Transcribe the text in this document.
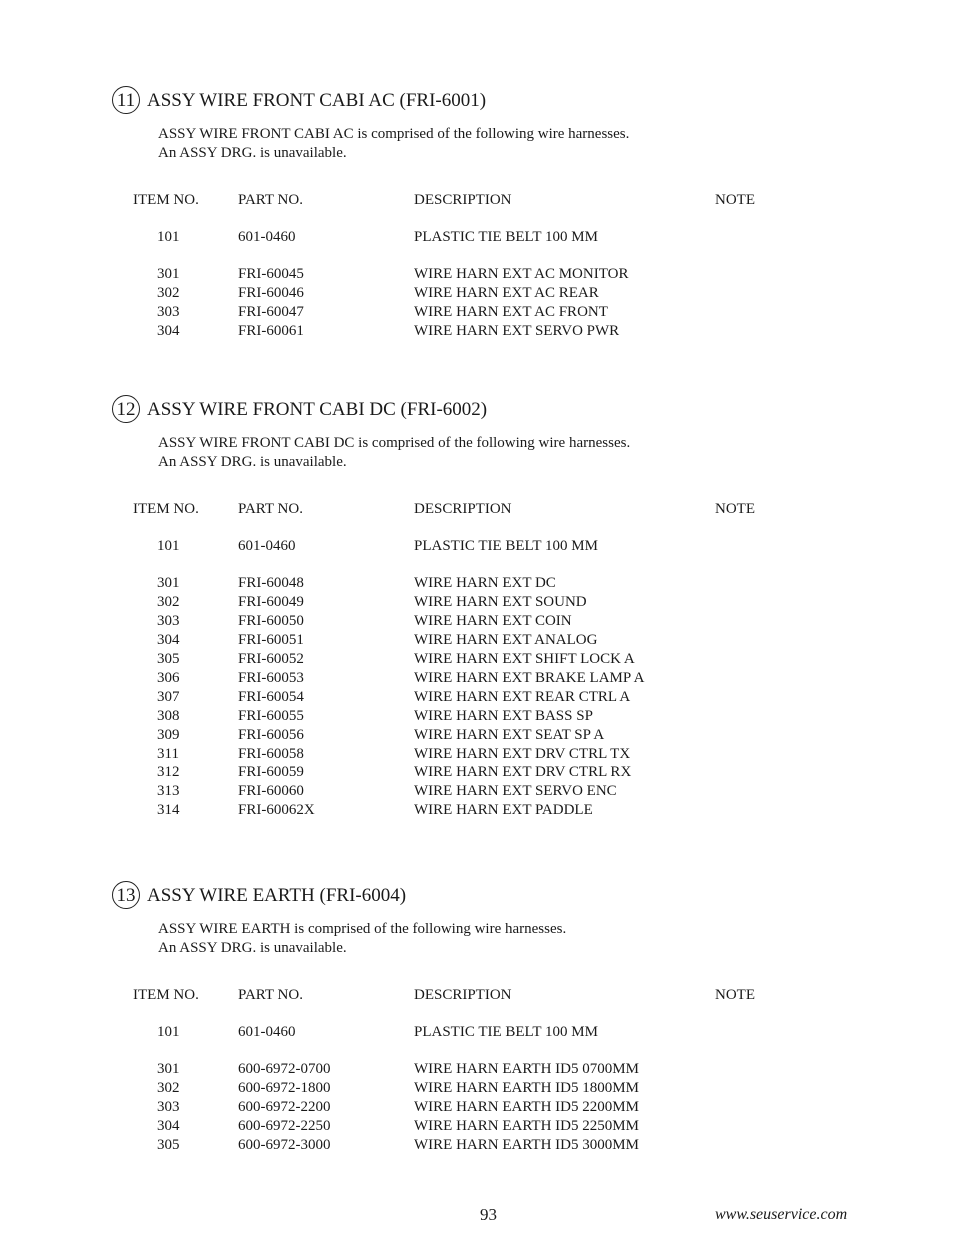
11 ASSY WIRE FRONT CABI AC (FRI-6001)
ASSY WIRE FRONT CABI AC is comprised of the following wire harnesses.
An ASSY DRG. is unavailable.
ITEM NO.	PART NO.	DESCRIPTION	NOTE
101	601-0460	PLASTIC TIE BELT 100 MM
301	FRI-60045	WIRE HARN EXT AC MONITOR
302	FRI-60046	WIRE HARN EXT AC REAR
303	FRI-60047	WIRE HARN EXT AC FRONT
304	FRI-60061	WIRE HARN EXT SERVO PWR
12 ASSY WIRE FRONT CABI DC (FRI-6002)
ASSY WIRE FRONT CABI DC is comprised of the following wire harnesses.
An ASSY DRG. is unavailable.
ITEM NO.	PART NO.	DESCRIPTION	NOTE
101	601-0460	PLASTIC TIE BELT 100 MM
301	FRI-60048	WIRE HARN EXT DC
302	FRI-60049	WIRE HARN EXT SOUND
303	FRI-60050	WIRE HARN EXT COIN
304	FRI-60051	WIRE HARN EXT ANALOG
305	FRI-60052	WIRE HARN EXT SHIFT LOCK A
306	FRI-60053	WIRE HARN EXT BRAKE LAMP A
307	FRI-60054	WIRE HARN EXT REAR CTRL A
308	FRI-60055	WIRE HARN EXT BASS SP
309	FRI-60056	WIRE HARN EXT SEAT SP A
311	FRI-60058	WIRE HARN EXT DRV CTRL TX
312	FRI-60059	WIRE HARN EXT DRV CTRL RX
313	FRI-60060	WIRE HARN EXT SERVO ENC
314	FRI-60062X	WIRE HARN EXT PADDLE
13 ASSY WIRE EARTH (FRI-6004)
ASSY WIRE EARTH is comprised of the following wire harnesses.
An ASSY DRG. is unavailable.
ITEM NO.	PART NO.	DESCRIPTION	NOTE
101	601-0460	PLASTIC TIE BELT 100 MM
301	600-6972-0700	WIRE HARN EARTH ID5 0700MM
302	600-6972-1800	WIRE HARN EARTH ID5 1800MM
303	600-6972-2200	WIRE HARN EARTH ID5 2200MM
304	600-6972-2250	WIRE HARN EARTH ID5 2250MM
305	600-6972-3000	WIRE HARN EARTH ID5 3000MM
93	www.seuservice.com
